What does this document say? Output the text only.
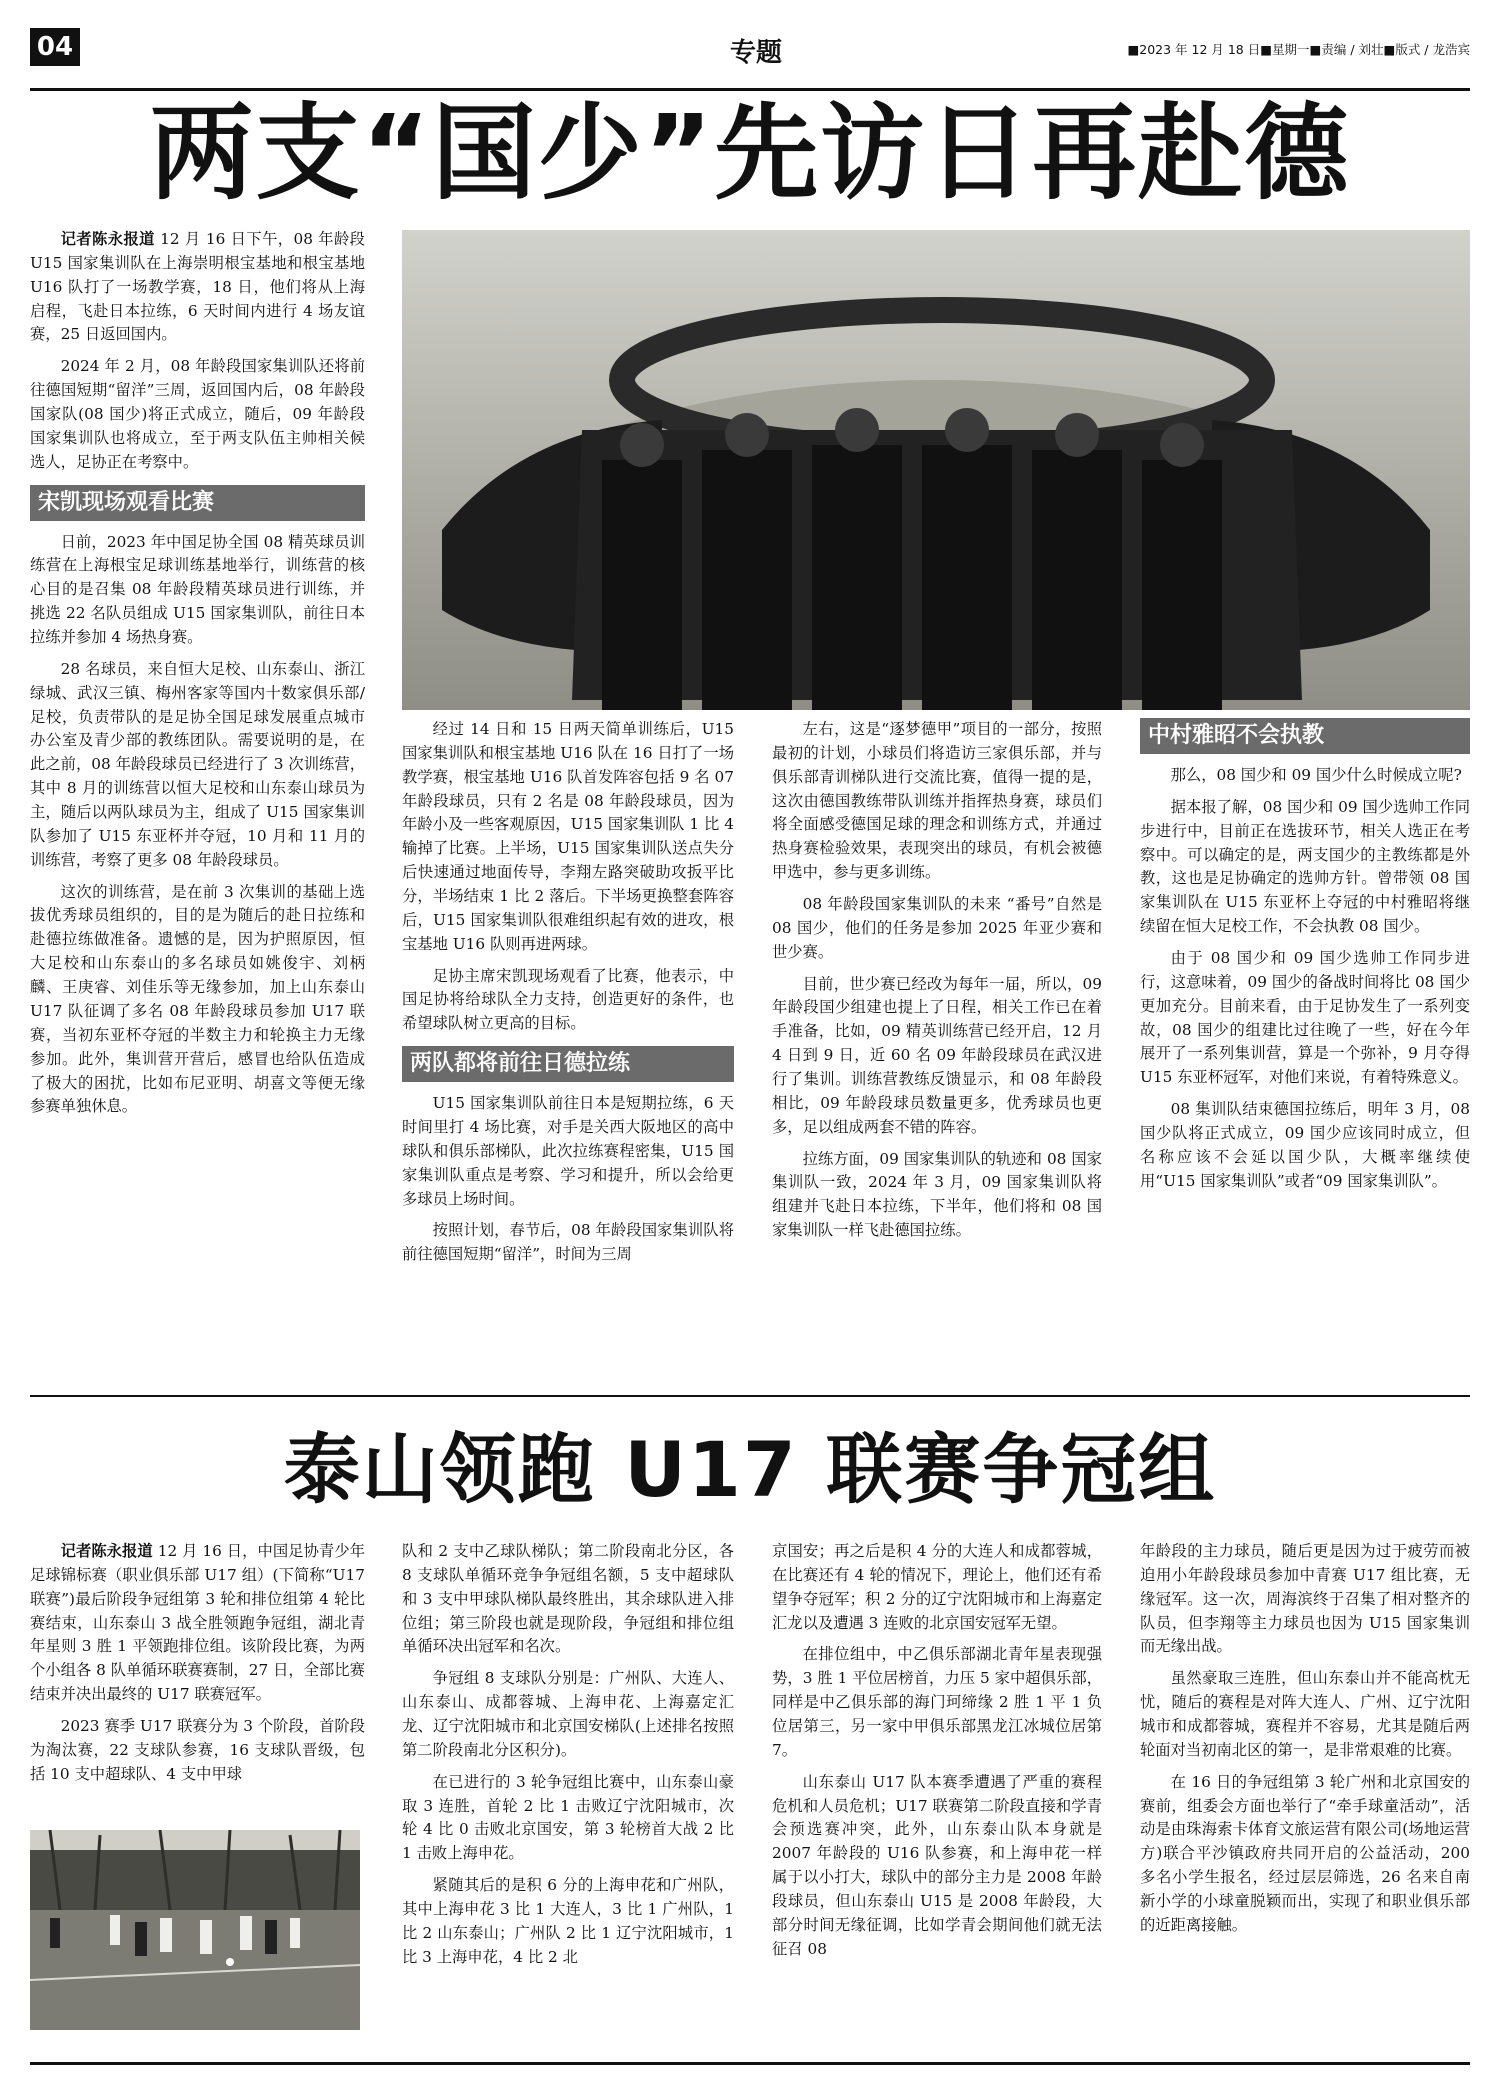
04	专题	■2023 年 12 月 18 日■星期一■责编 / 刘壮■版式 / 龙浩宾
两支“国少”先访日再赴德

记者陈永报道 12 月 16 日下午，08 年龄段 U15 国家集训队在上海崇明根宝基地和根宝基地 U16 队打了一场教学赛，18 日，他们将从上海启程，飞赴日本拉练，6 天时间内进行 4 场友谊赛，25 日返回国内。

2024 年 2 月，08 年龄段国家集训队还将前往德国短期“留洋”三周，返回国内后，08 年龄段国家队(08 国少)将正式成立，随后，09 年龄段国家集训队也将成立，至于两支队伍主帅相关候选人，足协正在考察中。

宋凯现场观看比赛

日前，2023 年中国足协全国 08 精英球员训练营在上海根宝足球训练基地举行，训练营的核心目的是召集 08 年龄段精英球员进行训练，并挑选 22 名队员组成 U15 国家集训队，前往日本拉练并参加 4 场热身赛。

28 名球员，来自恒大足校、山东泰山、浙江绿城、武汉三镇、梅州客家等国内十数家俱乐部/足校，负责带队的是足协全国足球发展重点城市办公室及青少部的教练团队。需要说明的是，在此之前，08 年龄段球员已经进行了 3 次训练营，其中 8 月的训练营以恒大足校和山东泰山球员为主，随后以两队球员为主，组成了 U15 国家集训队参加了 U15 东亚杯并夺冠，10 月和 11 月的训练营，考察了更多 08 年龄段球员。

这次的训练营，是在前 3 次集训的基础上选拔优秀球员组织的，目的是为随后的赴日拉练和赴德拉练做准备。遗憾的是，因为护照原因，恒大足校和山东泰山的多名球员如姚俊宇、刘柄麟、王庚睿、刘佳乐等无缘参加，加上山东泰山 U17 队征调了多名 08 年龄段球员参加 U17 联赛，当初东亚杯夺冠的半数主力和轮换主力无缘参加。此外，集训营开营后，感冒也给队伍造成了极大的困扰，比如布尼亚明、胡喜文等便无缘参赛单独休息。

经过 14 日和 15 日两天简单训练后，U15 国家集训队和根宝基地 U16 队在 16 日打了一场教学赛，根宝基地 U16 队首发阵容包括 9 名 07 年龄段球员，只有 2 名是 08 年龄段球员，因为年龄小及一些客观原因，U15 国家集训队 1 比 4 输掉了比赛。上半场，U15 国家集训队送点失分后快速通过地面传导，李翔左路突破助攻扳平比分，半场结束 1 比 2 落后。下半场更换整套阵容后，U15 国家集训队很难组织起有效的进攻，根宝基地 U16 队则再进两球。

足协主席宋凯现场观看了比赛，他表示，中国足协将给球队全力支持，创造更好的条件，也希望球队树立更高的目标。

两队都将前往日德拉练

U15 国家集训队前往日本是短期拉练，6 天时间里打 4 场比赛，对手是关西大阪地区的高中球队和俱乐部梯队，此次拉练赛程密集，U15 国家集训队重点是考察、学习和提升，所以会给更多球员上场时间。

按照计划，春节后，08 年龄段国家集训队将前往德国短期“留洋”，时间为三周

左右，这是“逐梦德甲”项目的一部分，按照最初的计划，小球员们将造访三家俱乐部，并与俱乐部青训梯队进行交流比赛，值得一提的是，这次由德国教练带队训练并指挥热身赛，球员们将全面感受德国足球的理念和训练方式，并通过热身赛检验效果，表现突出的球员，有机会被德甲选中，参与更多训练。

08 年龄段国家集训队的未来 “番号”自然是 08 国少，他们的任务是参加 2025 年亚少赛和世少赛。

目前，世少赛已经改为每年一届，所以，09 年龄段国少组建也提上了日程，相关工作已在着手准备，比如，09 精英训练营已经开启，12 月 4 日到 9 日，近 60 名 09 年龄段球员在武汉进行了集训。训练营教练反馈显示，和 08 年龄段相比，09 年龄段球员数量更多，优秀球员也更多，足以组成两套不错的阵容。

拉练方面，09 国家集训队的轨迹和 08 国家集训队一致，2024 年 3 月，09 国家集训队将组建并飞赴日本拉练，下半年，他们将和 08 国家集训队一样飞赴德国拉练。

中村雅昭不会执教

那么，08 国少和 09 国少什么时候成立呢?

据本报了解，08 国少和 09 国少选帅工作同步进行中，目前正在选拔环节，相关人选正在考察中。可以确定的是，两支国少的主教练都是外教，这也是足协确定的选帅方针。曾带领 08 国家集训队在 U15 东亚杯上夺冠的中村雅昭将继续留在恒大足校工作，不会执教 08 国少。

由于 08 国少和 09 国少选帅工作同步进行，这意味着，09 国少的备战时间将比 08 国少更加充分。目前来看，由于足协发生了一系列变故，08 国少的组建比过往晚了一些，好在今年展开了一系列集训营，算是一个弥补，9 月夺得 U15 东亚杯冠军，对他们来说，有着特殊意义。

08 集训队结束德国拉练后，明年 3 月，08 国少队将正式成立，09 国少应该同时成立，但名称应该不会延以国少队，大概率继续使用“U15 国家集训队”或者“09 国家集训队”。

泰山领跑 U17 联赛争冠组

记者陈永报道 12 月 16 日，中国足协青少年足球锦标赛（职业俱乐部 U17 组）(下简称“U17 联赛”)最后阶段争冠组第 3 轮和排位组第 4 轮比赛结束，山东泰山 3 战全胜领跑争冠组，湖北青年星则 3 胜 1 平领跑排位组。该阶段比赛，为两个小组各 8 队单循环联赛赛制，27 日，全部比赛结束并决出最终的 U17 联赛冠军。

2023 赛季 U17 联赛分为 3 个阶段，首阶段为淘汰赛，22 支球队参赛，16 支球队晋级，包括 10 支中超球队、4 支中甲球

队和 2 支中乙球队梯队；第二阶段南北分区，各 8 支球队单循环竞争争冠组名额，5 支中超球队和 3 支中甲球队梯队最终胜出，其余球队进入排位组；第三阶段也就是现阶段，争冠组和排位组单循环决出冠军和名次。

争冠组 8 支球队分别是：广州队、大连人、山东泰山、成都蓉城、上海申花、上海嘉定汇龙、辽宁沈阳城市和北京国安梯队(上述排名按照第二阶段南北分区积分)。

在已进行的 3 轮争冠组比赛中，山东泰山豪取 3 连胜，首轮 2 比 1 击败辽宁沈阳城市，次轮 4 比 0 击败北京国安，第 3 轮榜首大战 2 比 1 击败上海申花。

紧随其后的是积 6 分的上海申花和广州队，其中上海申花 3 比 1 大连人，3 比 1 广州队，1 比 2 山东泰山；广州队 2 比 1 辽宁沈阳城市，1 比 3 上海申花，4 比 2 北

京国安；再之后是积 4 分的大连人和成都蓉城，在比赛还有 4 轮的情况下，理论上，他们还有希望争夺冠军；积 2 分的辽宁沈阳城市和上海嘉定汇龙以及遭遇 3 连败的北京国安冠军无望。

在排位组中，中乙俱乐部湖北青年星表现强势，3 胜 1 平位居榜首，力压 5 家中超俱乐部，同样是中乙俱乐部的海门珂缔缘 2 胜 1 平 1 负位居第三，另一家中甲俱乐部黑龙江冰城位居第 7。

山东泰山 U17 队本赛季遭遇了严重的赛程危机和人员危机；U17 联赛第二阶段直接和学青会预选赛冲突，此外，山东泰山队本身就是 2007 年龄段的 U16 队参赛，和上海申花一样属于以小打大，球队中的部分主力是 2008 年龄段球员，但山东泰山 U15 是 2008 年龄段，大部分时间无缘征调，比如学青会期间他们就无法征召 08

年龄段的主力球员，随后更是因为过于疲劳而被迫用小年龄段球员参加中青赛 U17 组比赛，无缘冠军。这一次，周海滨终于召集了相对整齐的队员，但李翔等主力球员也因为 U15 国家集训而无缘出战。

虽然豪取三连胜，但山东泰山并不能高枕无忧，随后的赛程是对阵大连人、广州、辽宁沈阳城市和成都蓉城，赛程并不容易，尤其是随后两轮面对当初南北区的第一，是非常艰难的比赛。

在 16 日的争冠组第 3 轮广州和北京国安的赛前，组委会方面也举行了“牵手球童活动”，活动是由珠海索卡体育文旅运营有限公司(场地运营方)联合平沙镇政府共同开启的公益活动，200 多名小学生报名，经过层层筛选，26 名来自南新小学的小球童脱颖而出，实现了和职业俱乐部的近距离接触。
